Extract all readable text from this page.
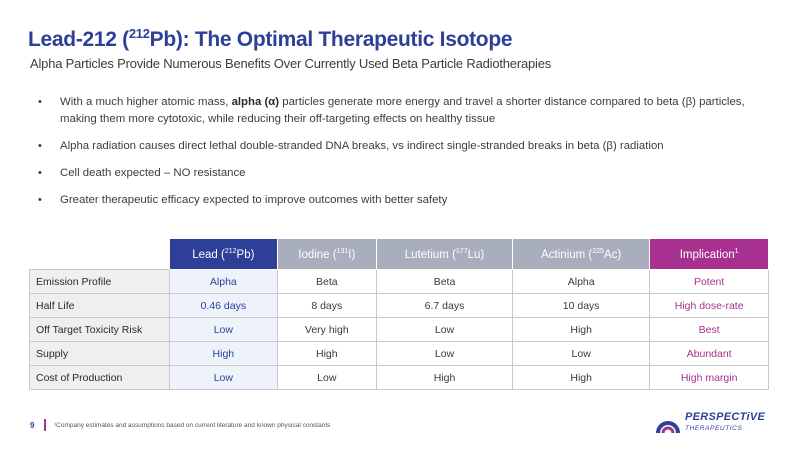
Lead-212 ($^{212}$Pb): The Optimal Therapeutic Isotope
Alpha Particles Provide Numerous Benefits Over Currently Used Beta Particle Radiotherapies
• With a much higher atomic mass, alpha (α) particles generate more energy and travel a shorter distance compared to beta (β) particles, making them more cytotoxic, while reducing their off-targeting effects on healthy tissue
• Alpha radiation causes direct lethal double-stranded DNA breaks, vs indirect single-stranded breaks in beta (β) radiation
• Cell death expected – NO resistance
• Greater therapeutic efficacy expected to improve outcomes with better safety
	Lead ($^{212}$Pb)	Iodine ($^{131}$I)	Lutetium ($^{177}$Lu)	Actinium ($^{225}$Ac)	Implication$^1$
Emission Profile	Alpha	Beta	Beta	Alpha	Potent
Half Life	0.46 days	8 days	6.7 days	10 days	High dose-rate
Off Target Toxicity Risk	Low	Very high	Low	High	Best
Supply	High	High	Low	Low	Abundant
Cost of Production	Low	Low	High	High	High margin
9	¹Company estimates and assumptions based on current literature and known physical constants
PERSPECTiVE
THERAPEUTICS
